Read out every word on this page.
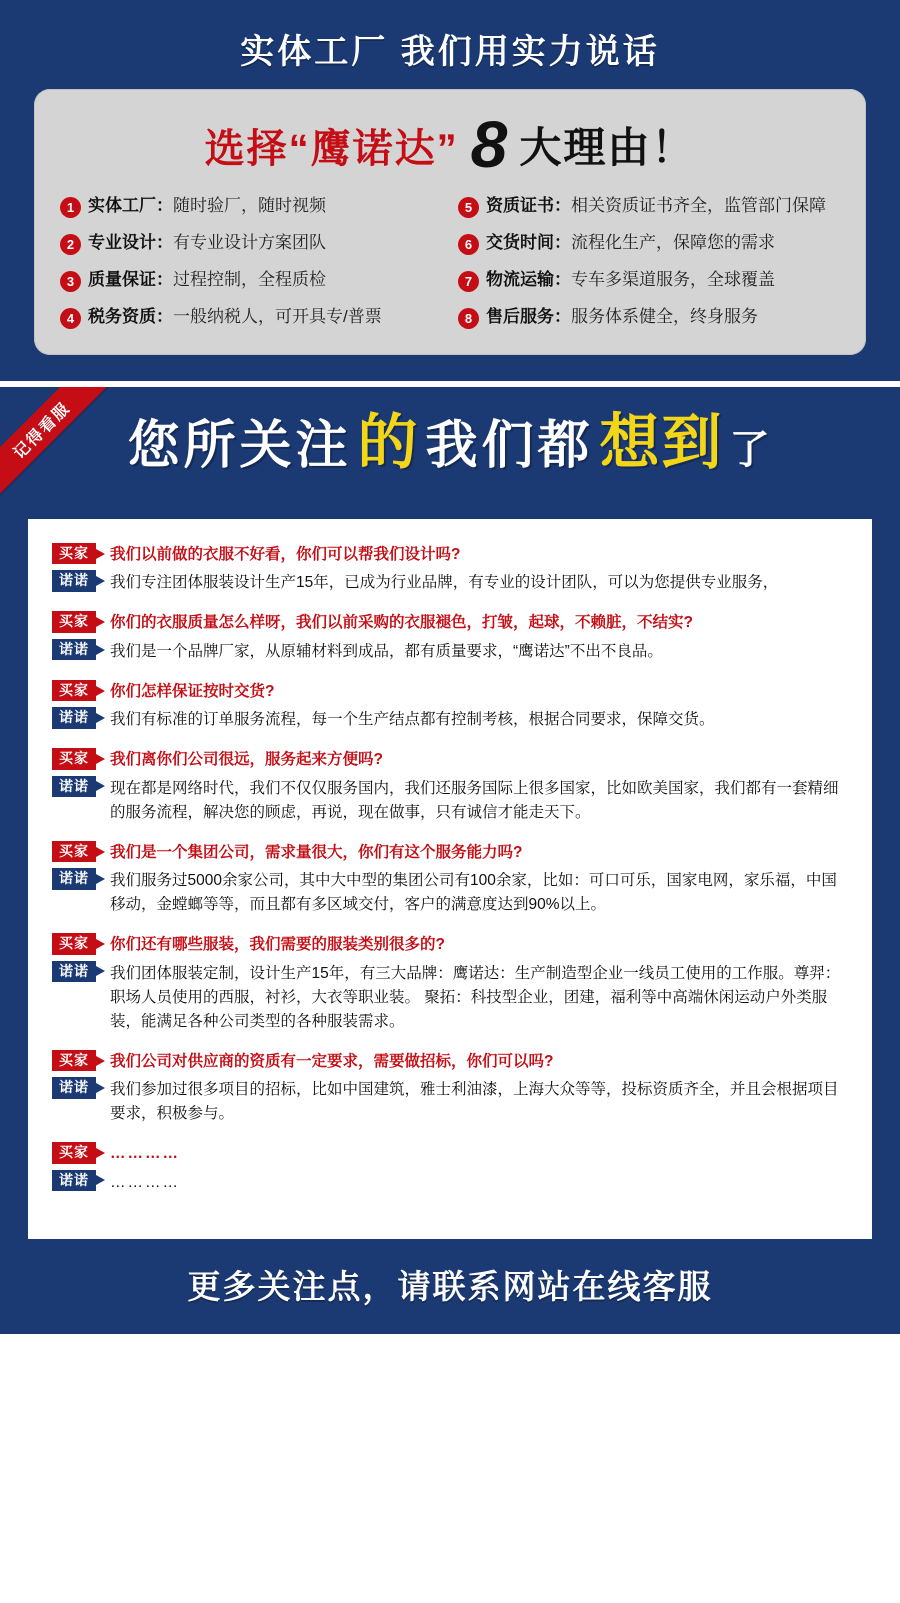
实体工厂 我们用实力说话
选择“鹰诺达” 8 大理由！
1 实体工厂：随时验厂，随时视频	5 资质证书：相关资质证书齐全，监管部门保障
2 专业设计：有专业设计方案团队	6 交货时间：流程化生产，保障您的需求
3 质量保证：过程控制，全程质检	7 物流运输：专车多渠道服务，全球覆盖
4 税务资质：一般纳税人，可开具专/普票	8 售后服务：服务体系健全，终身服务
记得看服	您所关注 的 我们都 想到 了
买家	我们以前做的衣服不好看，你们可以帮我们设计吗?
诺诺	我们专注团体服装设计生产15年，已成为行业品牌，有专业的设计团队，可以为您提供专业服务，
买家	你们的衣服质量怎么样呀，我们以前采购的衣服褪色，打皱，起球，不赖脏，不结实?
诺诺	我们是一个品牌厂家，从原辅材料到成品，都有质量要求，“鹰诺达”不出不良品。
买家	你们怎样保证按时交货?
诺诺	我们有标准的订单服务流程，每一个生产结点都有控制考核，根据合同要求，保障交货。
买家	我们离你们公司很远，服务起来方便吗?
诺诺	现在都是网络时代，我们不仅仅服务国内，我们还服务国际上很多国家，比如欧美国家，我们都有一套精细的服务流程，解决您的顾虑，再说，现在做事，只有诚信才能走天下。
买家	我们是一个集团公司，需求量很大，你们有这个服务能力吗?
诺诺	我们服务过5000余家公司，其中大中型的集团公司有100余家，比如：可口可乐，国家电网，家乐福，中国移动，金螳螂等等，而且都有多区域交付，客户的满意度达到90%以上。
买家	你们还有哪些服装，我们需要的服装类别很多的?
诺诺	我们团体服装定制，设计生产15年，有三大品牌：鹰诺达：生产制造型企业一线员工使用的工作服。尊羿：职场人员使用的西服，衬衫，大衣等职业装。 聚拓：科技型企业，团建，福利等中高端休闲运动户外类服装，能满足各种公司类型的各种服装需求。
买家	我们公司对供应商的资质有一定要求，需要做招标，你们可以吗?
诺诺	我们参加过很多项目的招标，比如中国建筑，雅士利油漆，上海大众等等，投标资质齐全，并且会根据项目要求，积极参与。
买家	…………
诺诺	…………
更多关注点，请联系网站在线客服
